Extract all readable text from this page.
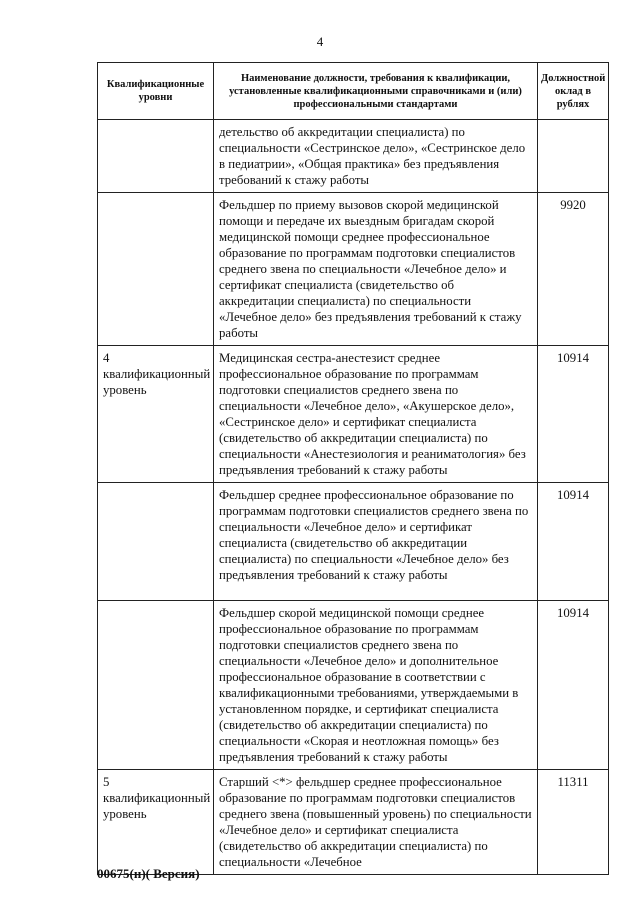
4
Квалификационные уровни	Наименование должности, требования к квалификации, установленные квалификационными справочниками и (или) профессиональными стандартами	Должностной оклад в рублях
	детельство об аккредитации специалиста) по специальности «Сестринское дело», «Сестринское дело в педиатрии», «Общая практика» без предъявления требований к стажу работы	
	Фельдшер по приему вызовов скорой медицинской помощи и передаче их выездным бригадам скорой медицинской помощи среднее профессиональное образование по программам подготовки специалистов среднего звена по специальности «Лечебное дело» и сертификат специалиста (свидетельство об аккредитации специалиста) по специальности «Лечебное дело» без предъявления требований к стажу работы	9920
4 квалификационный уровень	Медицинская сестра-анестезист среднее профессиональное образование по программам подготовки специалистов среднего звена по специальности «Лечебное дело», «Акушерское дело», «Сестринское дело» и сертификат специалиста (свидетельство об аккредитации специалиста) по специальности «Анестезиология и реаниматология» без предъявления требований к стажу работы	10914
	Фельдшер среднее профессиональное образование по программам подготовки специалистов среднего звена по специальности «Лечебное дело» и сертификат специалиста (свидетельство об аккредитации специалиста) по специальности «Лечебное дело» без предъявления требований к стажу работы	10914
	Фельдшер скорой медицинской помощи среднее профессиональное образование по программам подготовки специалистов среднего звена по специальности «Лечебное дело» и дополнительное профессиональное образование в соответствии с квалификационными требованиями, утверждаемыми в установленном порядке, и сертификат специалиста (свидетельство об аккредитации специалиста) по специальности «Скорая и неотложная помощь» без предъявления требований к стажу работы	10914
5 квалификационный уровень	Старший <*> фельдшер среднее профессиональное образование по программам подготовки специалистов среднего звена (повышенный уровень) по специальности «Лечебное дело» и сертификат специалиста (свидетельство об аккредитации специалиста) по специальности «Лечебное	11311
00675(н)( Версия)
